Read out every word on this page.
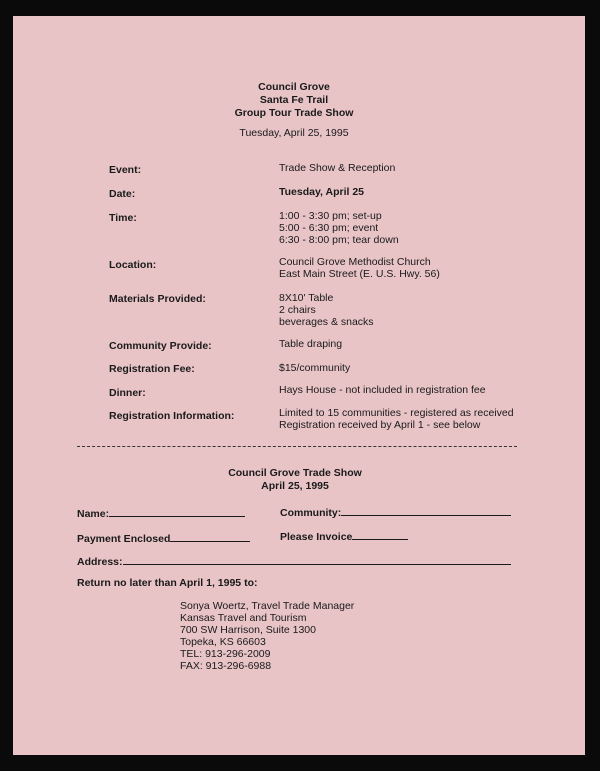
Council Grove
Santa Fe Trail
Group Tour Trade Show
Tuesday, April 25, 1995
Event:	Trade Show & Reception
Date:	Tuesday, April 25
Time:	1:00 - 3:30 pm; set-up
5:00 - 6:30 pm; event
6:30 - 8:00 pm; tear down
Location:	Council Grove Methodist Church
East Main Street (E. U.S. Hwy. 56)
Materials Provided:	8X10' Table
2 chairs
beverages & snacks
Community Provide:	Table draping
Registration Fee:	$15/community
Dinner:	Hays House - not included in registration fee
Registration Information:	Limited to 15 communities - registered as received
Registration received by April 1 - see below
Council Grove Trade Show
April 25, 1995
Name:	Community:
Payment Enclosed	Please Invoice
Address:
Return no later than April 1, 1995 to:
Sonya Woertz, Travel Trade Manager
Kansas Travel and Tourism
700 SW Harrison, Suite 1300
Topeka, KS 66603
TEL: 913-296-2009
FAX: 913-296-6988
